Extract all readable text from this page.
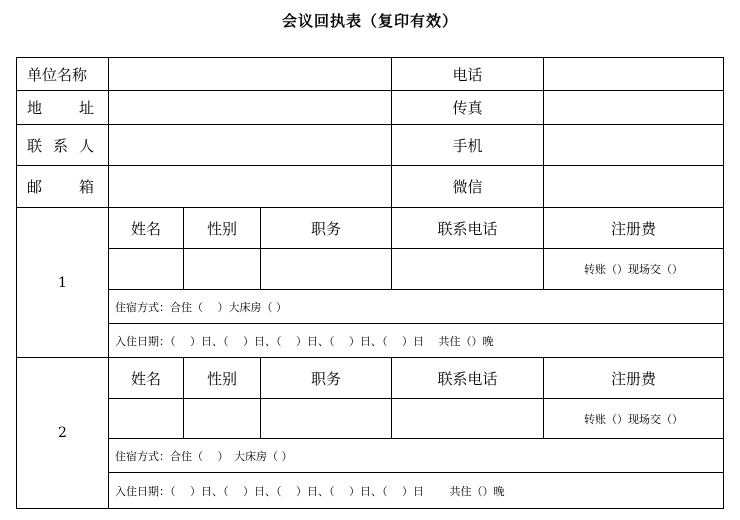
会议回执表（复印有效）
单位名称				电话	

地 址				传真	

联 系 人				手机	

邮 箱				微信	
1	姓名	性别	职务	联系电话	注册费
					转账（）现场交（）
	住宿方式：合住（　 ）大床房（ ）				
	入住日期：（　 ）日、（　 ）日、（　 ）日、（　 ）日、（　 ）日　 共住（）晚				
2	姓名	性别	职务	联系电话	注册费
					转账（）现场交（）
	住宿方式：合住（　 ）　大床房（ ）				
	入住日期：（　 ）日、（　 ）日、（　 ）日、（　 ）日、（　 ）日　　 共住（）晚				
